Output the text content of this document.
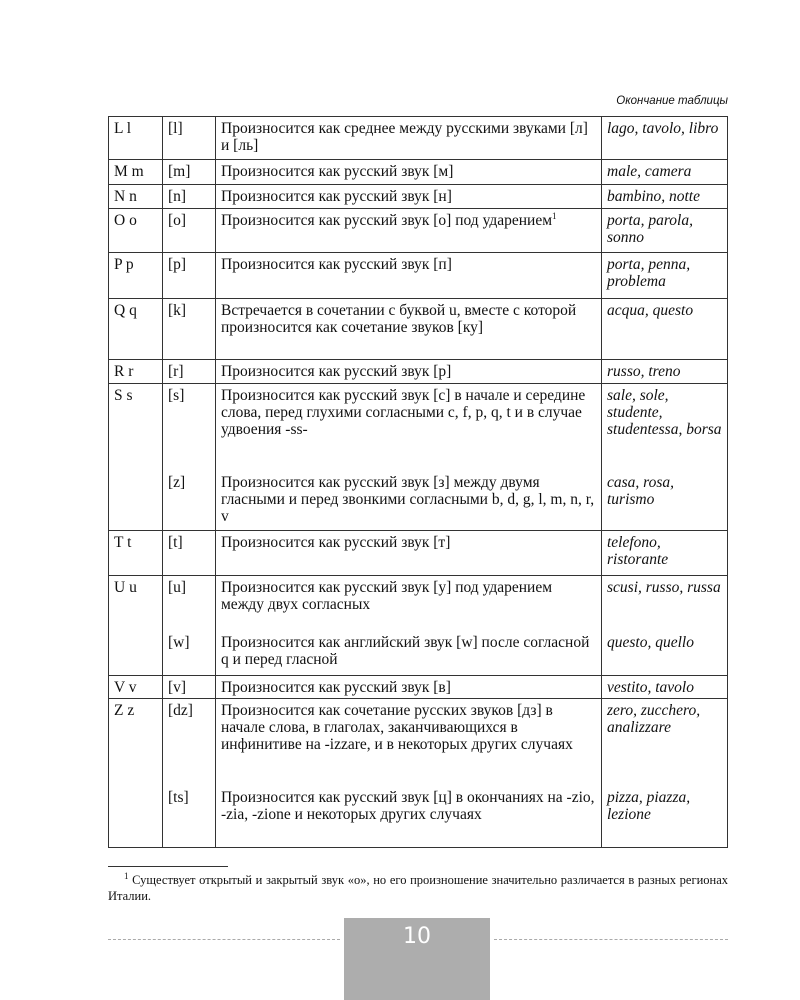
Окончание таблицы
L l	[l]	Произносится как среднее между русскими звуками [л] и [ль]	lago, tavolo, libro
M m	[m]	Произносится как русский звук [м]	male, camera
N n	[n]	Произносится как русский звук [н]	bambino, notte
O o	[o]	Произносится как русский звук [о] под ударением$^1$	porta, parola, sonno
P p	[p]	Произносится как русский звук [п]	porta, penna, problema
Q q	[k]	Встречается в сочетании с буквой u, вместе с которой произносится как сочетание звуков [ку]	acqua, questo
R r	[r]	Произносится как русский звук [р]	russo, treno
S s	[s]	Произносится как русский звук [с] в начале и середине слова, перед глухими согласными c, f, p, q, t и в случае удвоения -ss-	sale, sole, studente, studentessa, borsa
	[z]	Произносится как русский звук [з] между двумя гласными и перед звонкими согласными b, d, g, l, m, n, r, v	casa, rosa, turismo
T t	[t]	Произносится как русский звук [т]	telefono, ristorante
U u	[u]	Произносится как русский звук [у] под ударением между двух согласных	scusi, russo, russa
	[w]	Произносится как английский звук [w] после согласной q и перед гласной	questo, quello
V v	[v]	Произносится как русский звук [в]	vestito, tavolo
Z z	[dz]	Произносится как сочетание русских звуков [дз] в начале слова, в глаголах, заканчивающихся в инфинитиве на -izzare, и в некоторых других случаях	zero, zucchero, analizzare
	[ts]	Произносится как русский звук [ц] в окончаниях на -zio, -zia, -zione и некоторых других случаях	pizza, piazza, lezione
$^1$ Существует открытый и закрытый звук «о», но его произношение значительно различается в разных регионах Италии.
10
